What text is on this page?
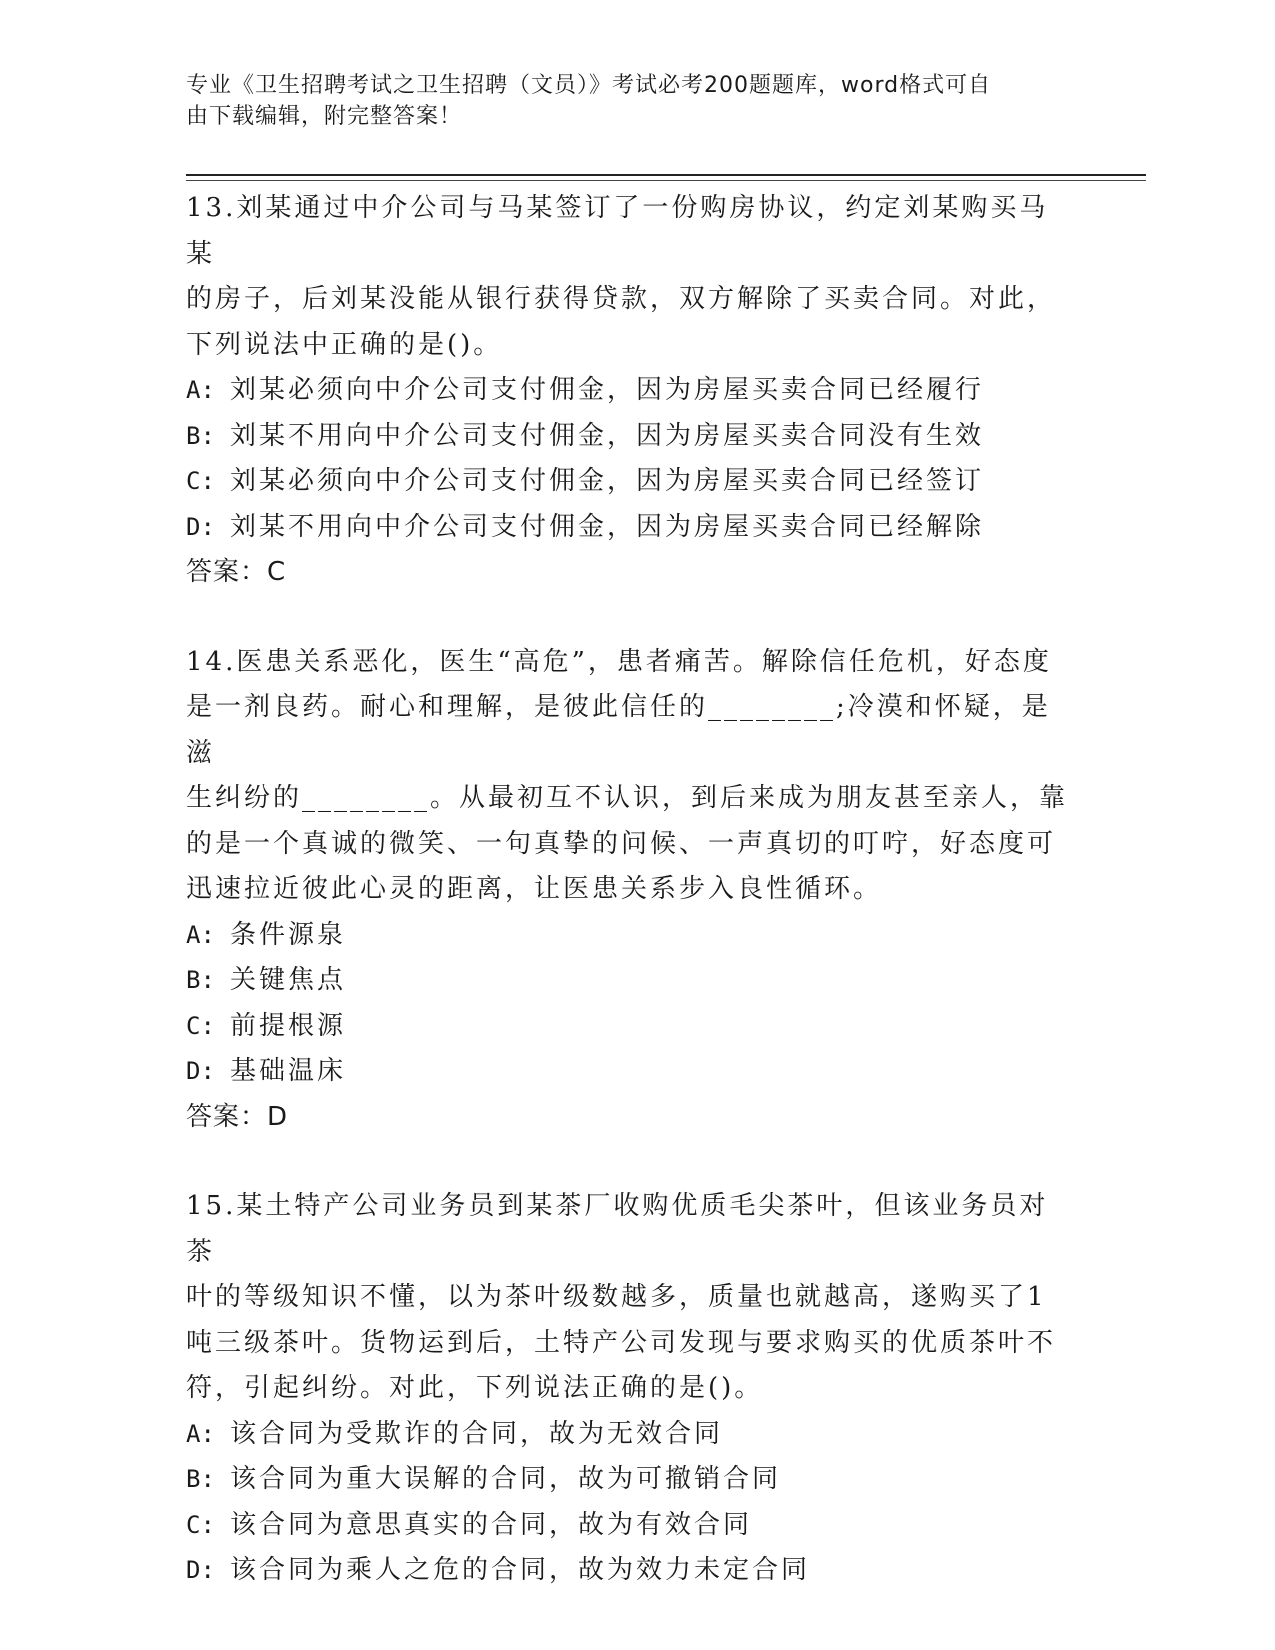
专业《卫生招聘考试之卫生招聘（文员）》考试必考200题题库，word格式可自
由下载编辑，附完整答案！
13.刘某通过中介公司与马某签订了一份购房协议，约定刘某购买马某
的房子，后刘某没能从银行获得贷款，双方解除了买卖合同。对此，
下列说法中正确的是()。
A: 刘某必须向中介公司支付佣金，因为房屋买卖合同已经履行
B: 刘某不用向中介公司支付佣金，因为房屋买卖合同没有生效
C: 刘某必须向中介公司支付佣金，因为房屋买卖合同已经签订
D: 刘某不用向中介公司支付佣金，因为房屋买卖合同已经解除
答案：C
14.医患关系恶化，医生“高危”，患者痛苦。解除信任危机，好态度
是一剂良药。耐心和理解，是彼此信任的________;冷漠和怀疑，是滋
生纠纷的________。从最初互不认识，到后来成为朋友甚至亲人，靠
的是一个真诚的微笑、一句真挚的问候、一声真切的叮咛，好态度可
迅速拉近彼此心灵的距离，让医患关系步入良性循环。
A: 条件源泉
B: 关键焦点
C: 前提根源
D: 基础温床
答案：D
15.某土特产公司业务员到某茶厂收购优质毛尖茶叶，但该业务员对茶
叶的等级知识不懂，以为茶叶级数越多，质量也就越高，遂购买了1
吨三级茶叶。货物运到后，土特产公司发现与要求购买的优质茶叶不
符，引起纠纷。对此，下列说法正确的是()。
A: 该合同为受欺诈的合同，故为无效合同
B: 该合同为重大误解的合同，故为可撤销合同
C: 该合同为意思真实的合同，故为有效合同
D: 该合同为乘人之危的合同，故为效力未定合同
